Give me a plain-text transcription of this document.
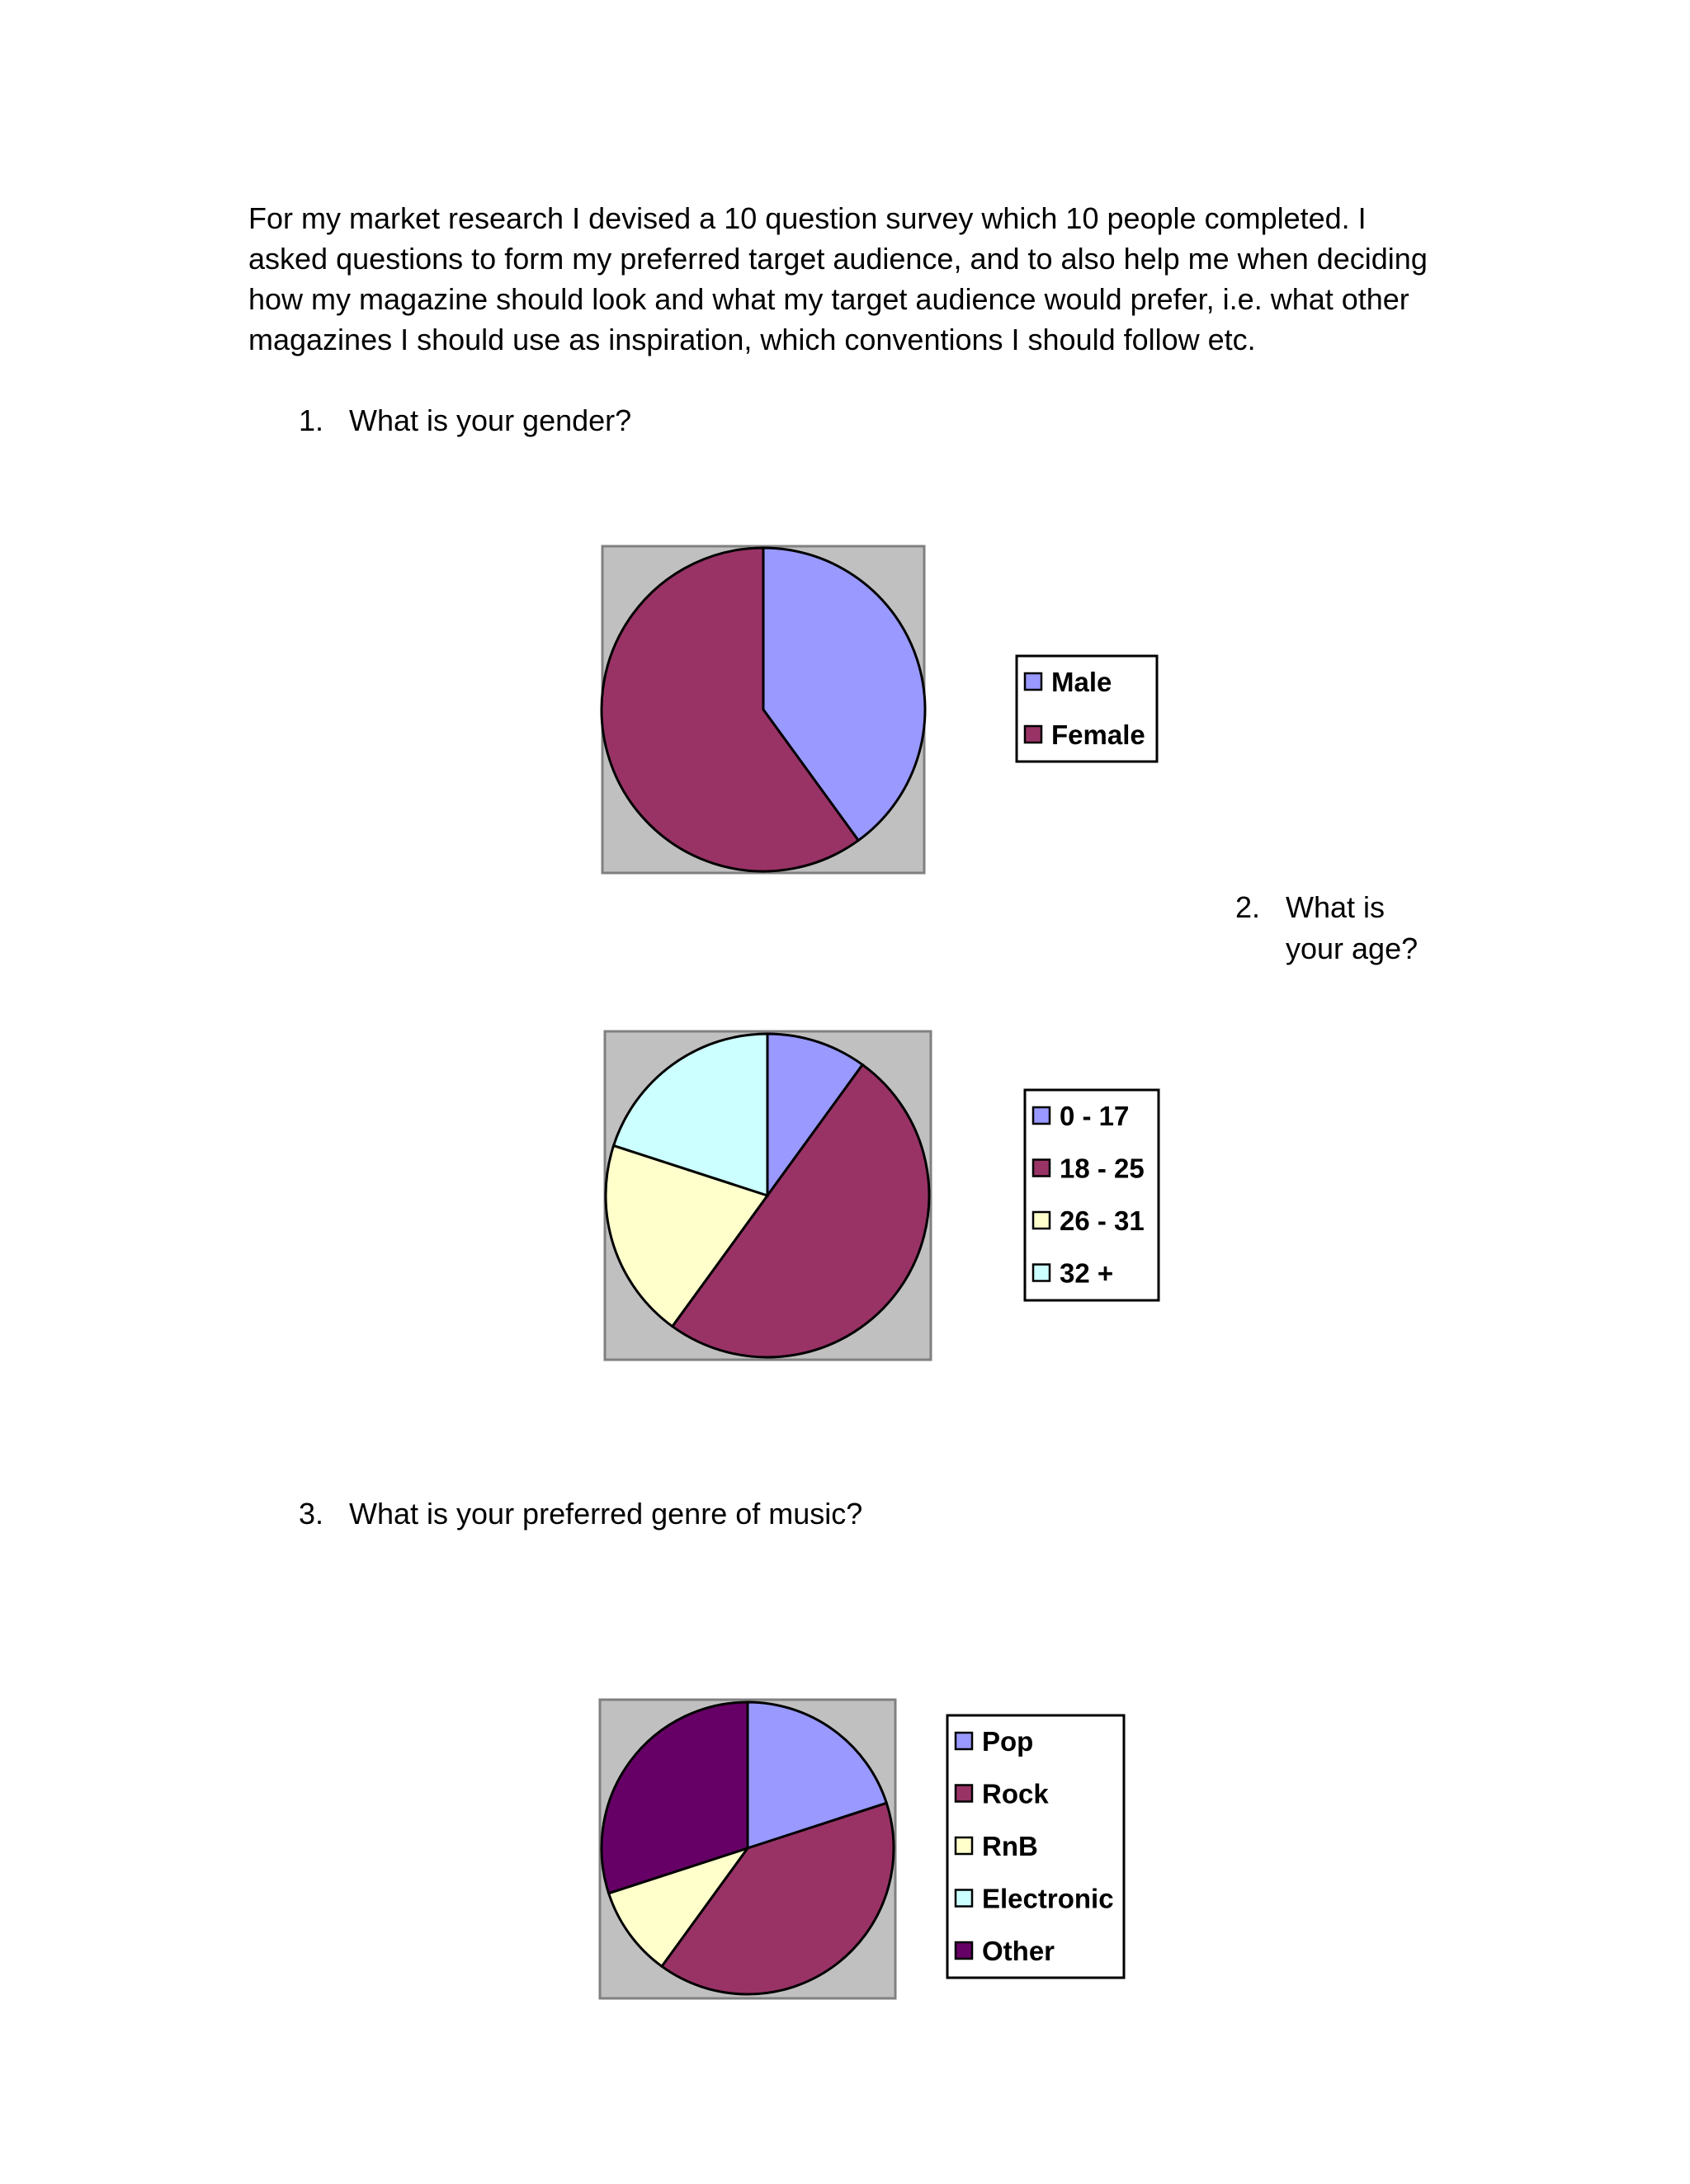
For my market research I devised a 10 question survey which 10 people completed. I asked questions to form my preferred target audience, and to also help me when deciding how my magazine should look and what my target audience would prefer, i.e. what other magazines I should use as inspiration, which conventions I should follow etc.

1. What is your gender?
2. What is
your age?
3. What is your preferred genre of music?
Male
Female
0 - 17
18 - 25
26 - 31
32 +
Pop
Rock
RnB
Electronic
Other
